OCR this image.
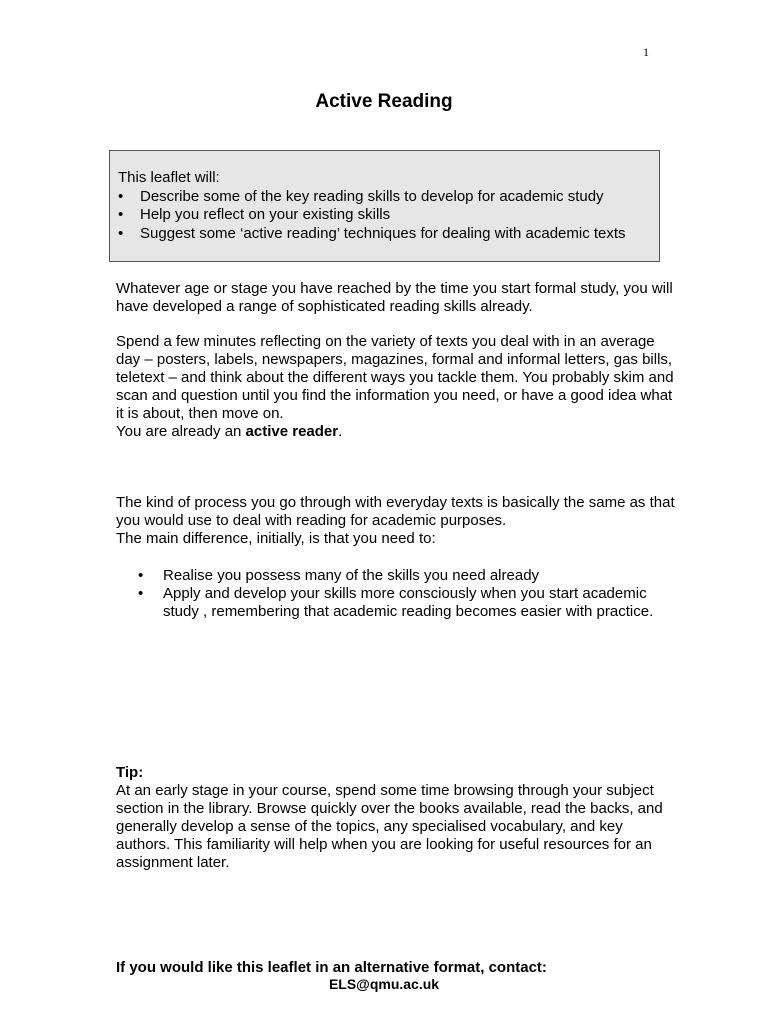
1
Active Reading
This leaflet will:
• Describe some of the key reading skills to develop for academic study
• Help you reflect on your existing skills
• Suggest some ‘active reading’ techniques for dealing with academic texts

Whatever age or stage you have reached by the time you start formal study, you will have developed a range of sophisticated reading skills already.

Spend a few minutes reflecting on the variety of texts you deal with in an average day – posters, labels, newspapers, magazines, formal and informal letters, gas bills, teletext – and think about the different ways you tackle them. You probably skim and scan and question until you find the information you need, or have a good idea what it is about, then move on.

You are already an active reader.

The kind of process you go through with everyday texts is basically the same as that you would use to deal with reading for academic purposes.

The main difference, initially, is that you need to:

• Realise you possess many of the skills you need already
• Apply and develop your skills more consciously when you start academic study , remembering that academic reading becomes easier with practice.

Tip:

At an early stage in your course, spend some time browsing through your subject section in the library. Browse quickly over the books available, read the backs, and generally develop a sense of the topics, any specialised vocabulary, and key authors. This familiarity will help when you are looking for useful resources for an assignment later.

If you would like this leaflet in an alternative format, contact:
ELS@qmu.ac.uk
